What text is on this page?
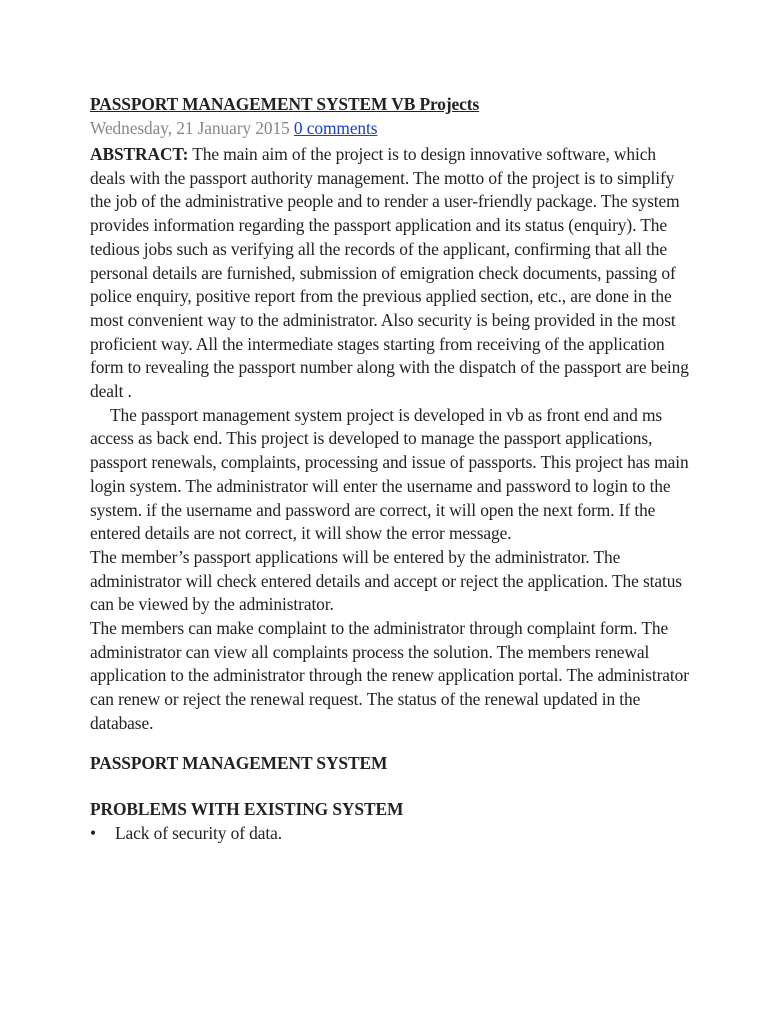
PASSPORT MANAGEMENT SYSTEM VB Projects
Wednesday, 21 January 2015 0 comments

ABSTRACT: The main aim of the project is to design innovative software, which deals with the passport authority management. The motto of the project is to simplify the job of the administrative people and to render a user-friendly package. The system provides information regarding the passport application and its status (enquiry). The tedious jobs such as verifying all the records of the applicant, confirming that all the personal details are furnished, submission of emigration check documents, passing of police enquiry, positive report from the previous applied section, etc., are done in the most convenient way to the administrator. Also security is being provided in the most proficient way. All the intermediate stages starting from receiving of the application form to revealing the passport number along with the dispatch of the passport are being dealt .

The passport management system project is developed in vb as front end and ms access as back end. This project is developed to manage the passport applications, passport renewals, complaints, processing and issue of passports. This project has main login system. The administrator will enter the username and password to login to the system. if the username and password are correct, it will open the next form. If the entered details are not correct, it will show the error message.

The member’s passport applications will be entered by the administrator. The administrator will check entered details and accept or reject the application. The status can be viewed by the administrator.

The members can make complaint to the administrator through complaint form. The administrator can view all complaints process the solution. The members renewal application to the administrator through the renew application portal. The administrator can renew or reject the renewal request. The status of the renewal updated in the database.

PASSPORT MANAGEMENT SYSTEM

PROBLEMS WITH EXISTING SYSTEM

• Lack of security of data.
